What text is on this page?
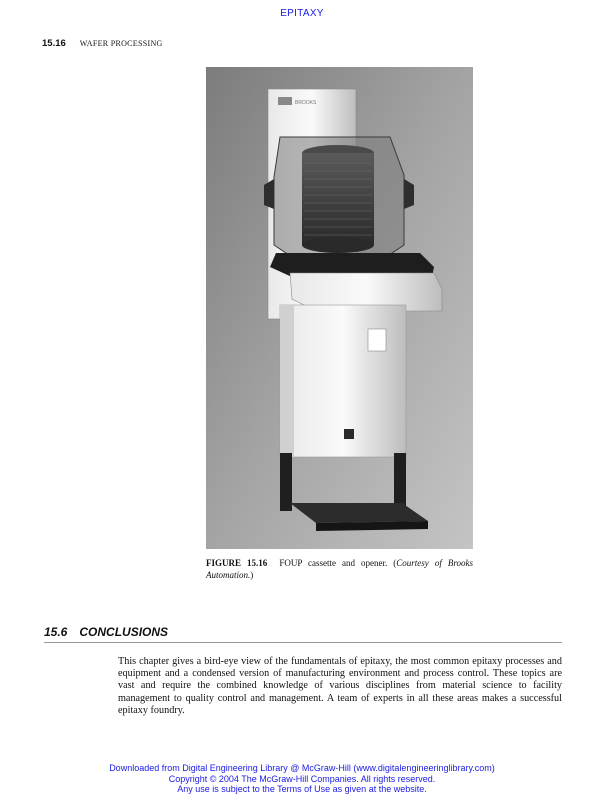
EPITAXY
15.16 WAFER PROCESSING
BROOKS
FIGURE 15.16 FOUP cassette and opener. (Courtesy of Brooks Automation.)
15.6 CONCLUSIONS
This chapter gives a bird-eye view of the fundamentals of epitaxy, the most common epitaxy processes and equipment and a condensed version of manufacturing environment and process control. These topics are vast and require the combined knowledge of various disciplines from material science to facility management to quality control and management. A team of experts in all these areas makes a successful epitaxy foundry.
Downloaded from Digital Engineering Library @ McGraw-Hill (www.digitalengineeringlibrary.com)
Copyright © 2004 The McGraw-Hill Companies. All rights reserved.
Any use is subject to the Terms of Use as given at the website.
